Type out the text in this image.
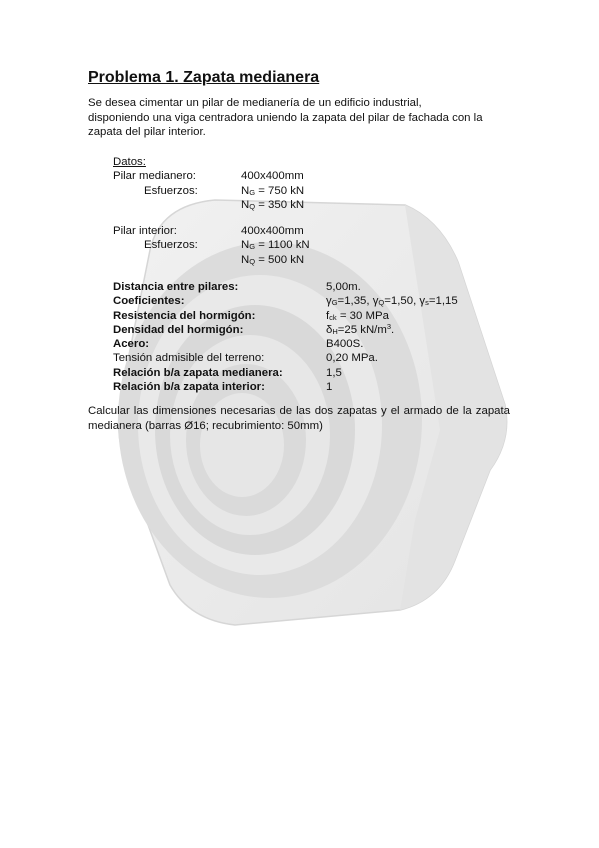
Problema 1. Zapata medianera
Se desea cimentar un pilar de medianería de un edificio industrial,
disponiendo una viga centradora uniendo la zapata del pilar de fachada con la
zapata del pilar interior.
Datos:
Pilar medianero:	400x400mm
Esfuerzos:	$N_G = 750$ kN
$N_Q = 350$ kN
Pilar interior:	400x400mm
Esfuerzos:	$N_G = 1100$ kN
$N_Q = 500$ kN
Distancia entre pilares:	5,00m.
Coeficientes:	$\gamma_G=1,35$, $\gamma_Q=1,50$, $\gamma_s=1,15$
Resistencia del hormigón:	$f_{ck} = 30$ MPa
Densidad del hormigón:	$\delta_H=25$ $kN/m^3$.
Acero:	B400S.
Tensión admisible del terreno:	0,20 MPa.
Relación b/a zapata medianera:	1,5
Relación b/a zapata interior:	1
Calcular las dimensiones necesarias de las dos zapatas y el armado de la zapata medianera (barras Ø16; recubrimiento: 50mm)
